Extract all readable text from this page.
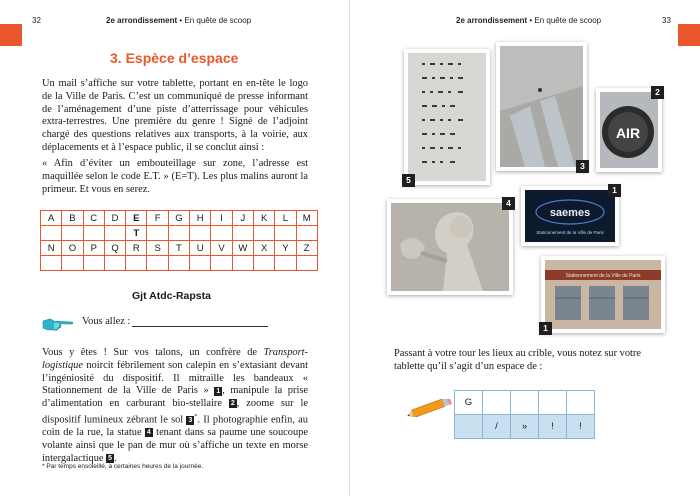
32	2e arrondissement • En quête de scoop
3. Espèce d’espace
Un mail s’affiche sur votre tablette, portant en en-tête le logo de la Ville de Paris. C’est un communiqué de presse informant de l’aménagement d’une piste d’atterrissage pour véhicules extra-terrestres. Une première du genre ! Signé de l’adjoint chargé des questions relatives aux transports, à la voirie, aux déplacements et à l’espace public, il se conclut ainsi :
« Afin d’éviter un embouteillage sur zone, l’adresse est maquillée selon le code E.T. » (E=T). Les plus malins auront la primeur. Et vous en serez.
A	B	C	D	E	F	G	H	I	J	K	L	M
				T								
N	O	P	Q	R	S	T	U	V	W	X	Y	Z

Gjt Atdc-Rapsta
Vous allez :
Vous y êtes ! Sur vos talons, un confrère de Transport-logistique noircit fébrilement son calepin en s’extasiant devant l’ingéniosité du dispositif. Il mitraille les bandeaux « Stationnement de la Ville de Paris » 1 , manipule la prise d’alimentation en carburant bio-stellaire 2 , zoome sur le dispositif lumineux zébrant le sol 3 *. Il photographie enfin, au coin de la rue, la statue 4 tenant dans sa paume une soucoupe volante ainsi que le pan de mur où s’affiche un texte en morse intergalactique 5 .
* Par temps ensoleillé, à certaines heures de la journée.
2e arrondissement • En quête de scoop	33
5
3
AIR
2
saemes
Stationnement de la Ville de Paris
1
4
Stationnement de la Ville de Paris
1
Passant à votre tour les lieux au crible, vous notez sur votre tablette qu’il s’agit d’un espace de :
G				
	/	»	!	!
